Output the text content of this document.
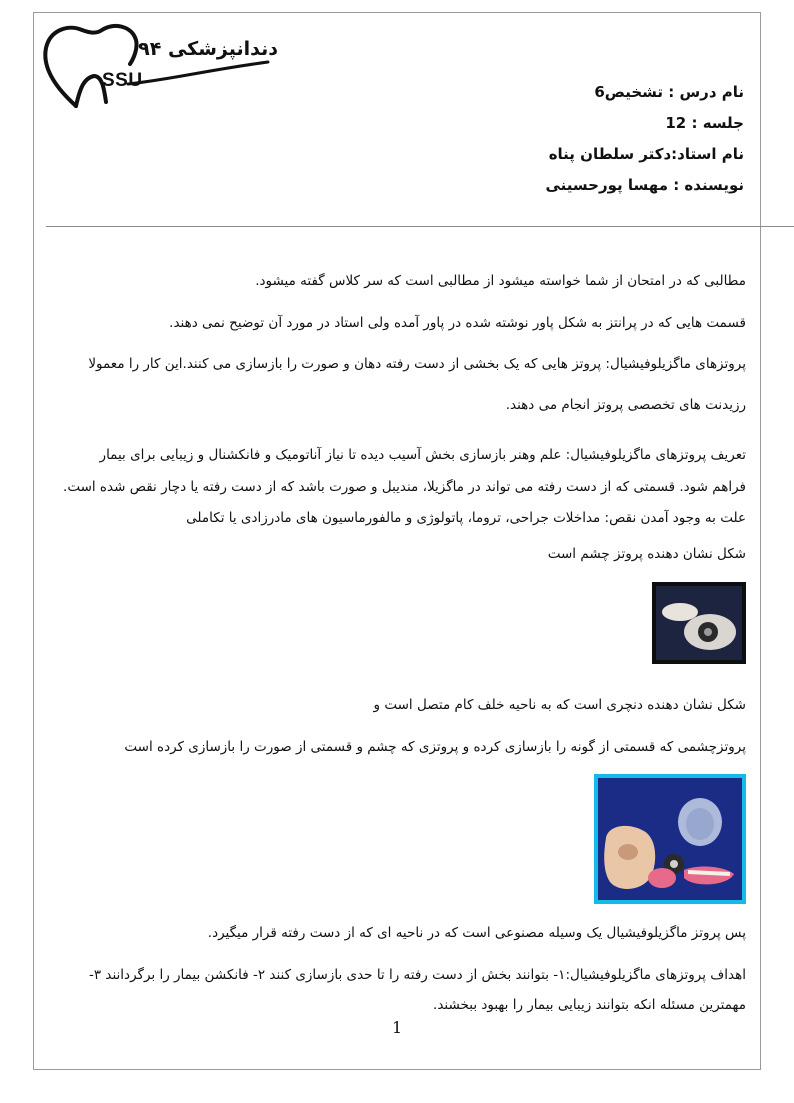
دندانپزشکی ۹۴
SSU
نام درس : تشخیص6
جلسه : 12
نام استاد:دکتر سلطان پناه
نویسنده : مهسا پورحسینی
مطالبی که در امتحان از شما خواسته میشود از مطالبی است که سر کلاس گفته میشود.
قسمت هایی که در پرانتز به شکل پاور نوشته شده در پاور آمده ولی استاد در مورد آن توضیح نمی دهند.
پروتزهای ماگزیلوفیشیال: پروتز هایی که یک بخشی از دست رفته دهان و صورت را بازسازی می کنند.این کار را معمولا
رزیدنت های تخصصی پروتز انجام می دهند.
تعریف پروتزهای ماگزیلوفیشیال: علم وهنر بازسازی بخش آسیب دیده تا نیاز آناتومیک و فانکشنال و زیبایی برای بیمار
فراهم شود. قسمتی که از دست رفته می تواند در ماگزیلا، مندیبل و صورت باشد که از دست رفته یا دچار نقص شده است.
علت به وجود آمدن نقص: مداخلات جراحی، تروما، پاتولوژی و مالفورماسیون های مادرزادی یا تکاملی
شکل نشان دهنده پروتز چشم است
شکل نشان دهنده دنچری است که به ناحیه خلف کام متصل است و
پروتزچشمی که قسمتی از گونه را بازسازی کرده و پروتزی که چشم و قسمتی از صورت را بازسازی کرده است
پس پروتز ماگزیلوفیشیال یک وسیله مصنوعی است که در ناحیه ای که از دست رفته قرار میگیرد.
اهداف پروتزهای ماگزیلوفیشیال:۱- بتوانند بخش از دست رفته را تا حدی بازسازی کنند ۲- فانکشن بیمار را برگردانند ۳-
مهمترین مسئله انکه بتوانند زیبایی بیمار را بهبود ببخشند.
1
